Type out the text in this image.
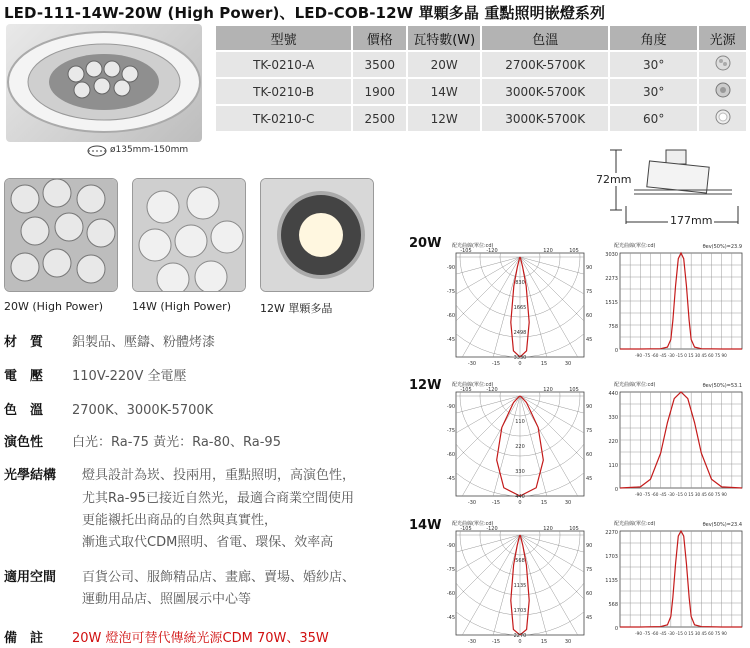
LED-111-14W-20W (High Power)、LED-COB-12W 單顆多晶 重點照明嵌燈系列
型號	價格	瓦特數(W)	色溫	角度	光源
TK-0210-A	3500	20W	2700K-5700K	30°	
TK-0210-B	1900	14W	3000K-5700K	30°	
TK-0210-C	2500	12W	3000K-5700K	60°	
ø135mm-150mm
72mm
177mm
20W (High Power)	14W (High Power)	12W 單顆多晶
材　質 鋁製品、壓鑄、粉體烤漆
電　壓 110V-220V 全電壓
色　溫 2700K、3000K-5700K
演色性 白光：Ra-75 黃光：Ra-80、Ra-95
光學結構	燈具設計為崁、投兩用，重點照明，高演色性，
尤其Ra-95已接近自然光，最適合商業空間使用
更能襯托出商品的自然與真實性，
漸進式取代CDM照明、省電、環保、效率高
適用空間	百貨公司、服飾精品店、畫廊、賣場、婚紗店、
運動用品店、照圖展示中心等
備　註 20W 燈泡可替代傳統光源CDM 70W、35W
20W
12W
14W
配光曲線(單位:cd)
830
1665
2498
3330
-105	-120	120	105
-90	90
-75	75
-60	60
-45	45
-30	-15	0	15	30
配光曲線(單位:cd)	θev(50%)=23.9
3030
2273
1515
758
0
-90 -75 -60 -45 -30 -15 0 15 30 45 60 75 90
配光曲線(單位:cd)
110
220
330
440
-105	-120	120	105
-90	90
-75	75
-60	60
-45	45
-30	-15	0	15	30
配光曲線(單位:cd)	θev(50%)=53.1
440
330
220
110
0
-90 -75 -60 -45 -30 -15 0 15 30 45 60 75 90
配光曲線(單位:cd)
568
1135
1703
2270
-105	-120	120	105
-90	90
-75	75
-60	60
-45	45
-30	-15	0	15	30
配光曲線(單位:cd)	θev(50%)=23.4
2270
1703
1135
568
0
-90 -75 -60 -45 -30 -15 0 15 30 45 60 75 90
